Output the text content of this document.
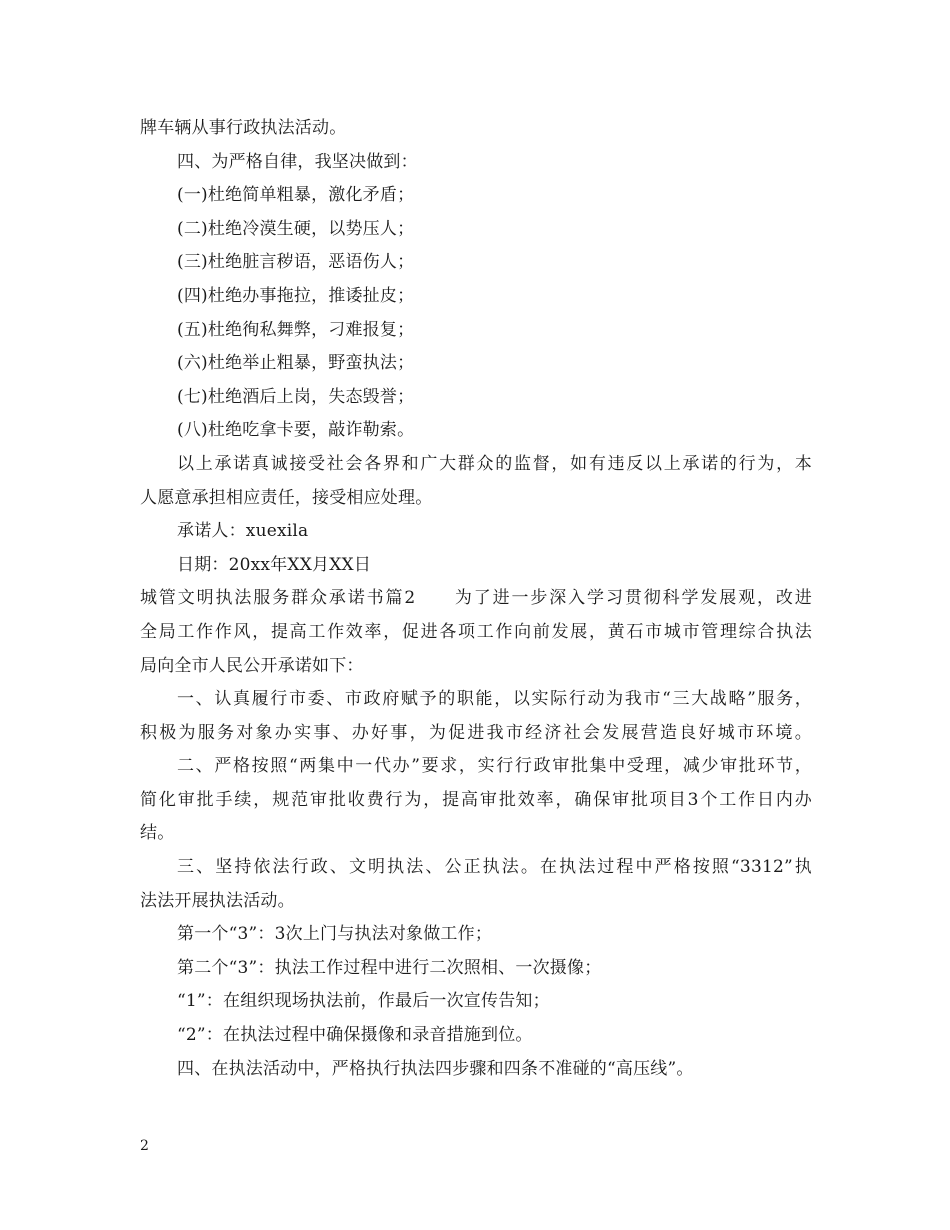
牌车辆从事行政执法活动。
四、为严格自律，我坚决做到：
(一)杜绝简单粗暴，激化矛盾；
(二)杜绝冷漠生硬，以势压人；
(三)杜绝脏言秽语，恶语伤人；
(四)杜绝办事拖拉，推诿扯皮；
(五)杜绝徇私舞弊，刁难报复；
(六)杜绝举止粗暴，野蛮执法；
(七)杜绝酒后上岗，失态毁誉；
(八)杜绝吃拿卡要，敲诈勒索。
以上承诺真诚接受社会各界和广大群众的监督，如有违反以上承诺的行为，本
人愿意承担相应责任，接受相应处理。
承诺人：xuexila
日期：20xx年XX月XX日
城管文明执法服务群众承诺书篇2　　为了进一步深入学习贯彻科学发展观，改进
全局工作作风，提高工作效率，促进各项工作向前发展，黄石市城市管理综合执法
局向全市人民公开承诺如下：
一、认真履行市委、市政府赋予的职能，以实际行动为我市“三大战略”服务，
积极为服务对象办实事、办好事，为促进我市经济社会发展营造良好城市环境。
二、严格按照“两集中一代办”要求，实行行政审批集中受理，减少审批环节，
简化审批手续，规范审批收费行为，提高审批效率，确保审批项目3个工作日内办
结。
三、坚持依法行政、文明执法、公正执法。在执法过程中严格按照“3312”执
法法开展执法活动。
第一个“3”：3次上门与执法对象做工作；
第二个“3”：执法工作过程中进行二次照相、一次摄像；
“1”：在组织现场执法前，作最后一次宣传告知；
“2”：在执法过程中确保摄像和录音措施到位。
四、在执法活动中，严格执行执法四步骤和四条不准碰的“高压线”。
2
